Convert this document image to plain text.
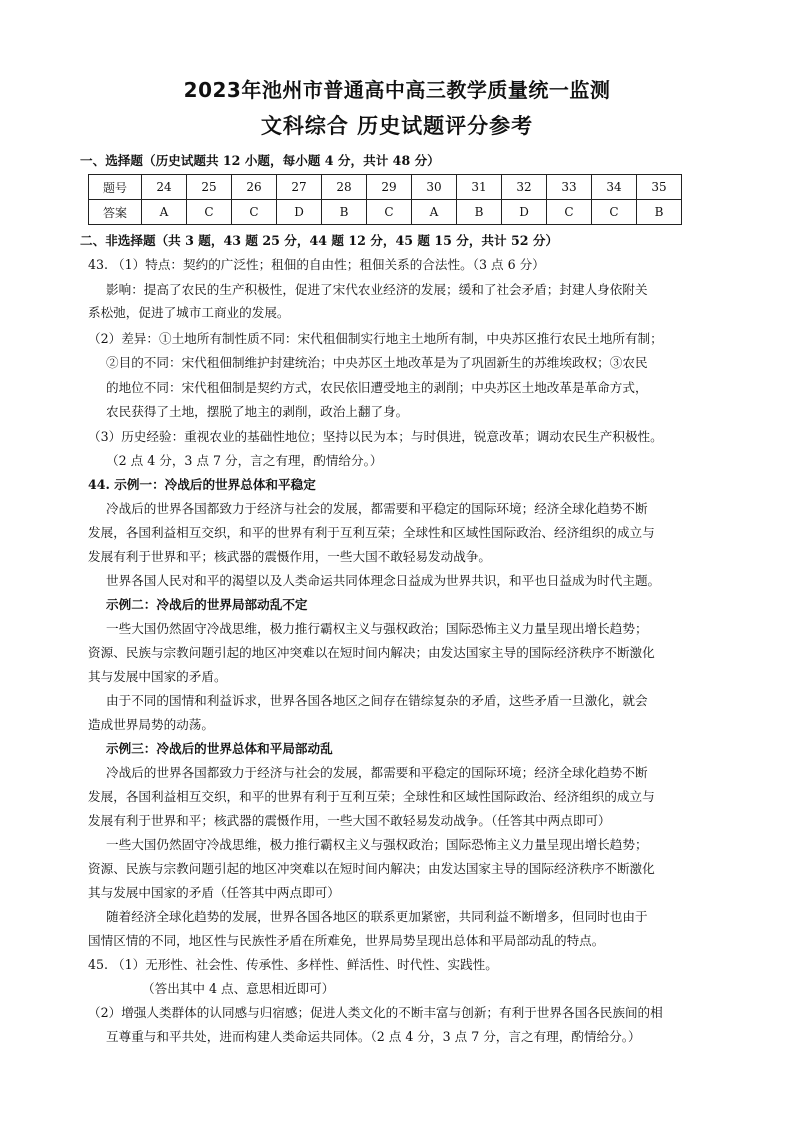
2023年池州市普通高中高三教学质量统一监测
文科综合 历史试题评分参考
一、选择题（历史试题共 12 小题，每小题 4 分，共计 48 分）
题号	24	25	26	27	28	29	30	31	32	33	34	35
答案	A	C	C	D	B	C	A	B	D	C	C	B
二、非选择题（共 3 题，43 题 25 分，44 题 12 分，45 题 15 分，共计 52 分）
43. （1）特点：契约的广泛性；租佃的自由性；租佃关系的合法性。（3 点 6 分）
影响：提高了农民的生产积极性，促进了宋代农业经济的发展；缓和了社会矛盾；封建人身依附关
系松弛，促进了城市工商业的发展。
（2）差异：①土地所有制性质不同：宋代租佃制实行地主土地所有制，中央苏区推行农民土地所有制；
②目的不同：宋代租佃制维护封建统治；中央苏区土地改革是为了巩固新生的苏维埃政权；③农民
的地位不同：宋代租佃制是契约方式，农民依旧遭受地主的剥削；中央苏区土地改革是革命方式，
农民获得了土地，摆脱了地主的剥削，政治上翻了身。
（3）历史经验：重视农业的基础性地位；坚持以民为本；与时俱进，锐意改革；调动农民生产积极性。
（2 点 4 分，3 点 7 分，言之有理，酌情给分。）
44. 示例一：冷战后的世界总体和平稳定
冷战后的世界各国都致力于经济与社会的发展，都需要和平稳定的国际环境；经济全球化趋势不断
发展，各国利益相互交织，和平的世界有利于互利互荣；全球性和区域性国际政治、经济组织的成立与
发展有利于世界和平；核武器的震慑作用，一些大国不敢轻易发动战争。
世界各国人民对和平的渴望以及人类命运共同体理念日益成为世界共识，和平也日益成为时代主题。
示例二：冷战后的世界局部动乱不定
一些大国仍然固守冷战思维，极力推行霸权主义与强权政治；国际恐怖主义力量呈现出增长趋势；
资源、民族与宗教问题引起的地区冲突难以在短时间内解决；由发达国家主导的国际经济秩序不断激化
其与发展中国家的矛盾。
由于不同的国情和利益诉求，世界各国各地区之间存在错综复杂的矛盾，这些矛盾一旦激化，就会
造成世界局势的动荡。
示例三：冷战后的世界总体和平局部动乱
冷战后的世界各国都致力于经济与社会的发展，都需要和平稳定的国际环境；经济全球化趋势不断
发展，各国利益相互交织，和平的世界有利于互利互荣；全球性和区域性国际政治、经济组织的成立与
发展有利于世界和平；核武器的震慑作用，一些大国不敢轻易发动战争。（任答其中两点即可）
一些大国仍然固守冷战思维，极力推行霸权主义与强权政治；国际恐怖主义力量呈现出增长趋势；
资源、民族与宗教问题引起的地区冲突难以在短时间内解决；由发达国家主导的国际经济秩序不断激化
其与发展中国家的矛盾（任答其中两点即可）
随着经济全球化趋势的发展，世界各国各地区的联系更加紧密，共同利益不断增多，但同时也由于
国情区情的不同，地区性与民族性矛盾在所难免，世界局势呈现出总体和平局部动乱的特点。
45. （1）无形性、社会性、传承性、多样性、鲜活性、时代性、实践性。
（答出其中 4 点、意思相近即可）
（2）增强人类群体的认同感与归宿感；促进人类文化的不断丰富与创新；有利于世界各国各民族间的相
互尊重与和平共处，进而构建人类命运共同体。（2 点 4 分，3 点 7 分，言之有理，酌情给分。）
